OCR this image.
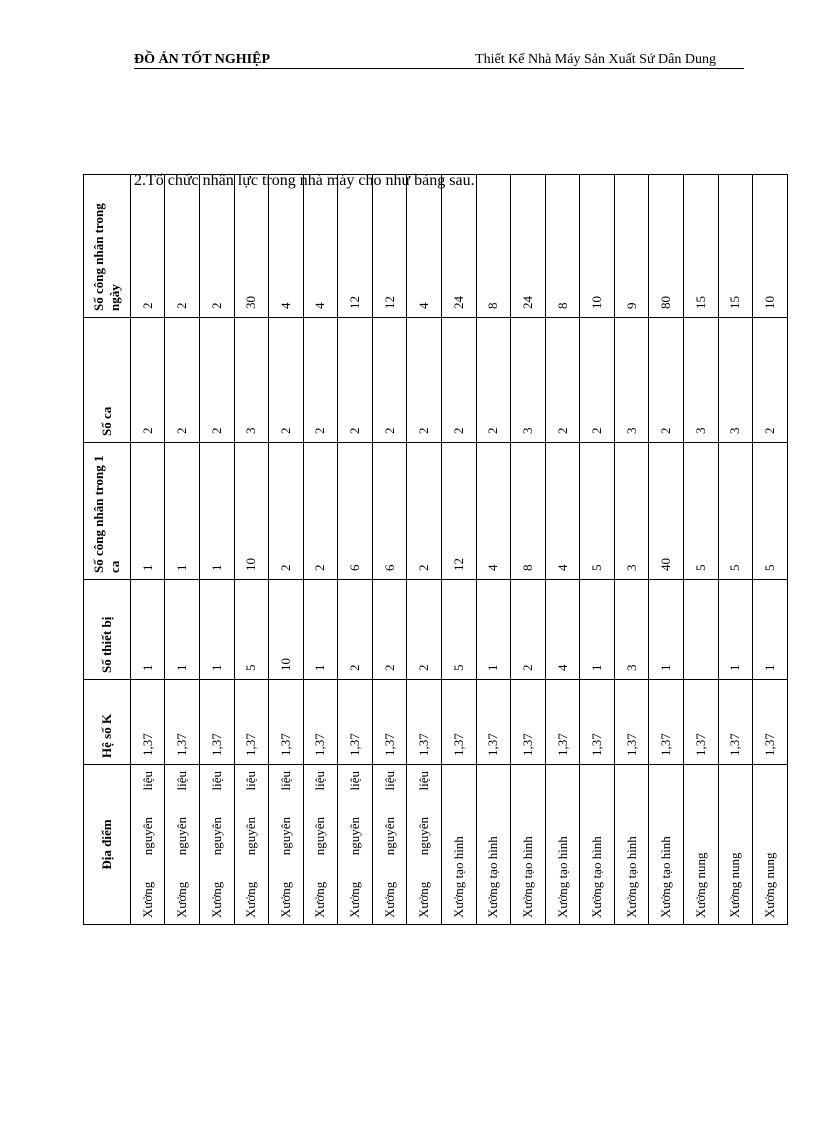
ĐỒ ÁN TỐT NGHIỆP	Thiết Kế Nhà Máy Sản Xuất Sứ Dân Dung
2.Tổ chức nhân lực trong nhà máy cho như bảng sau.
Địa điểm	Hệ số K	Số thiết bị	Số công nhân trong 1 ca	Số ca	Số công nhân trong ngày
Xưởng nguyên liệu	1,37	1	1	2	2
Xưởng nguyên liệu	1,37	1	1	2	2
Xưởng nguyên liệu	1,37	1	1	2	2
Xưởng nguyên liệu	1,37	5	10	3	30
Xưởng nguyên liệu	1,37	10	2	2	4
Xưởng nguyên liệu	1,37	1	2	2	4
Xưởng nguyên liệu	1,37	2	6	2	12
Xưởng nguyên liệu	1,37	2	6	2	12
Xưởng nguyên liệu	1,37	2	2	2	4
Xưởng tạo hình	1,37	5	12	2	24
Xưởng tạo hình	1,37	1	4	2	8
Xưởng tạo hình	1,37	2	8	3	24
Xưởng tạo hình	1,37	4	4	2	8
Xưởng tạo hình	1,37	1	5	2	10
Xưởng tạo hình	1,37	3	3	3	9
Xưởng tạo hình	1,37	1	40	2	80
Xưởng nung	1,37		5	3	15
Xưởng nung	1,37	1	5	3	15
Xưởng nung	1,37	1	5	2	10
